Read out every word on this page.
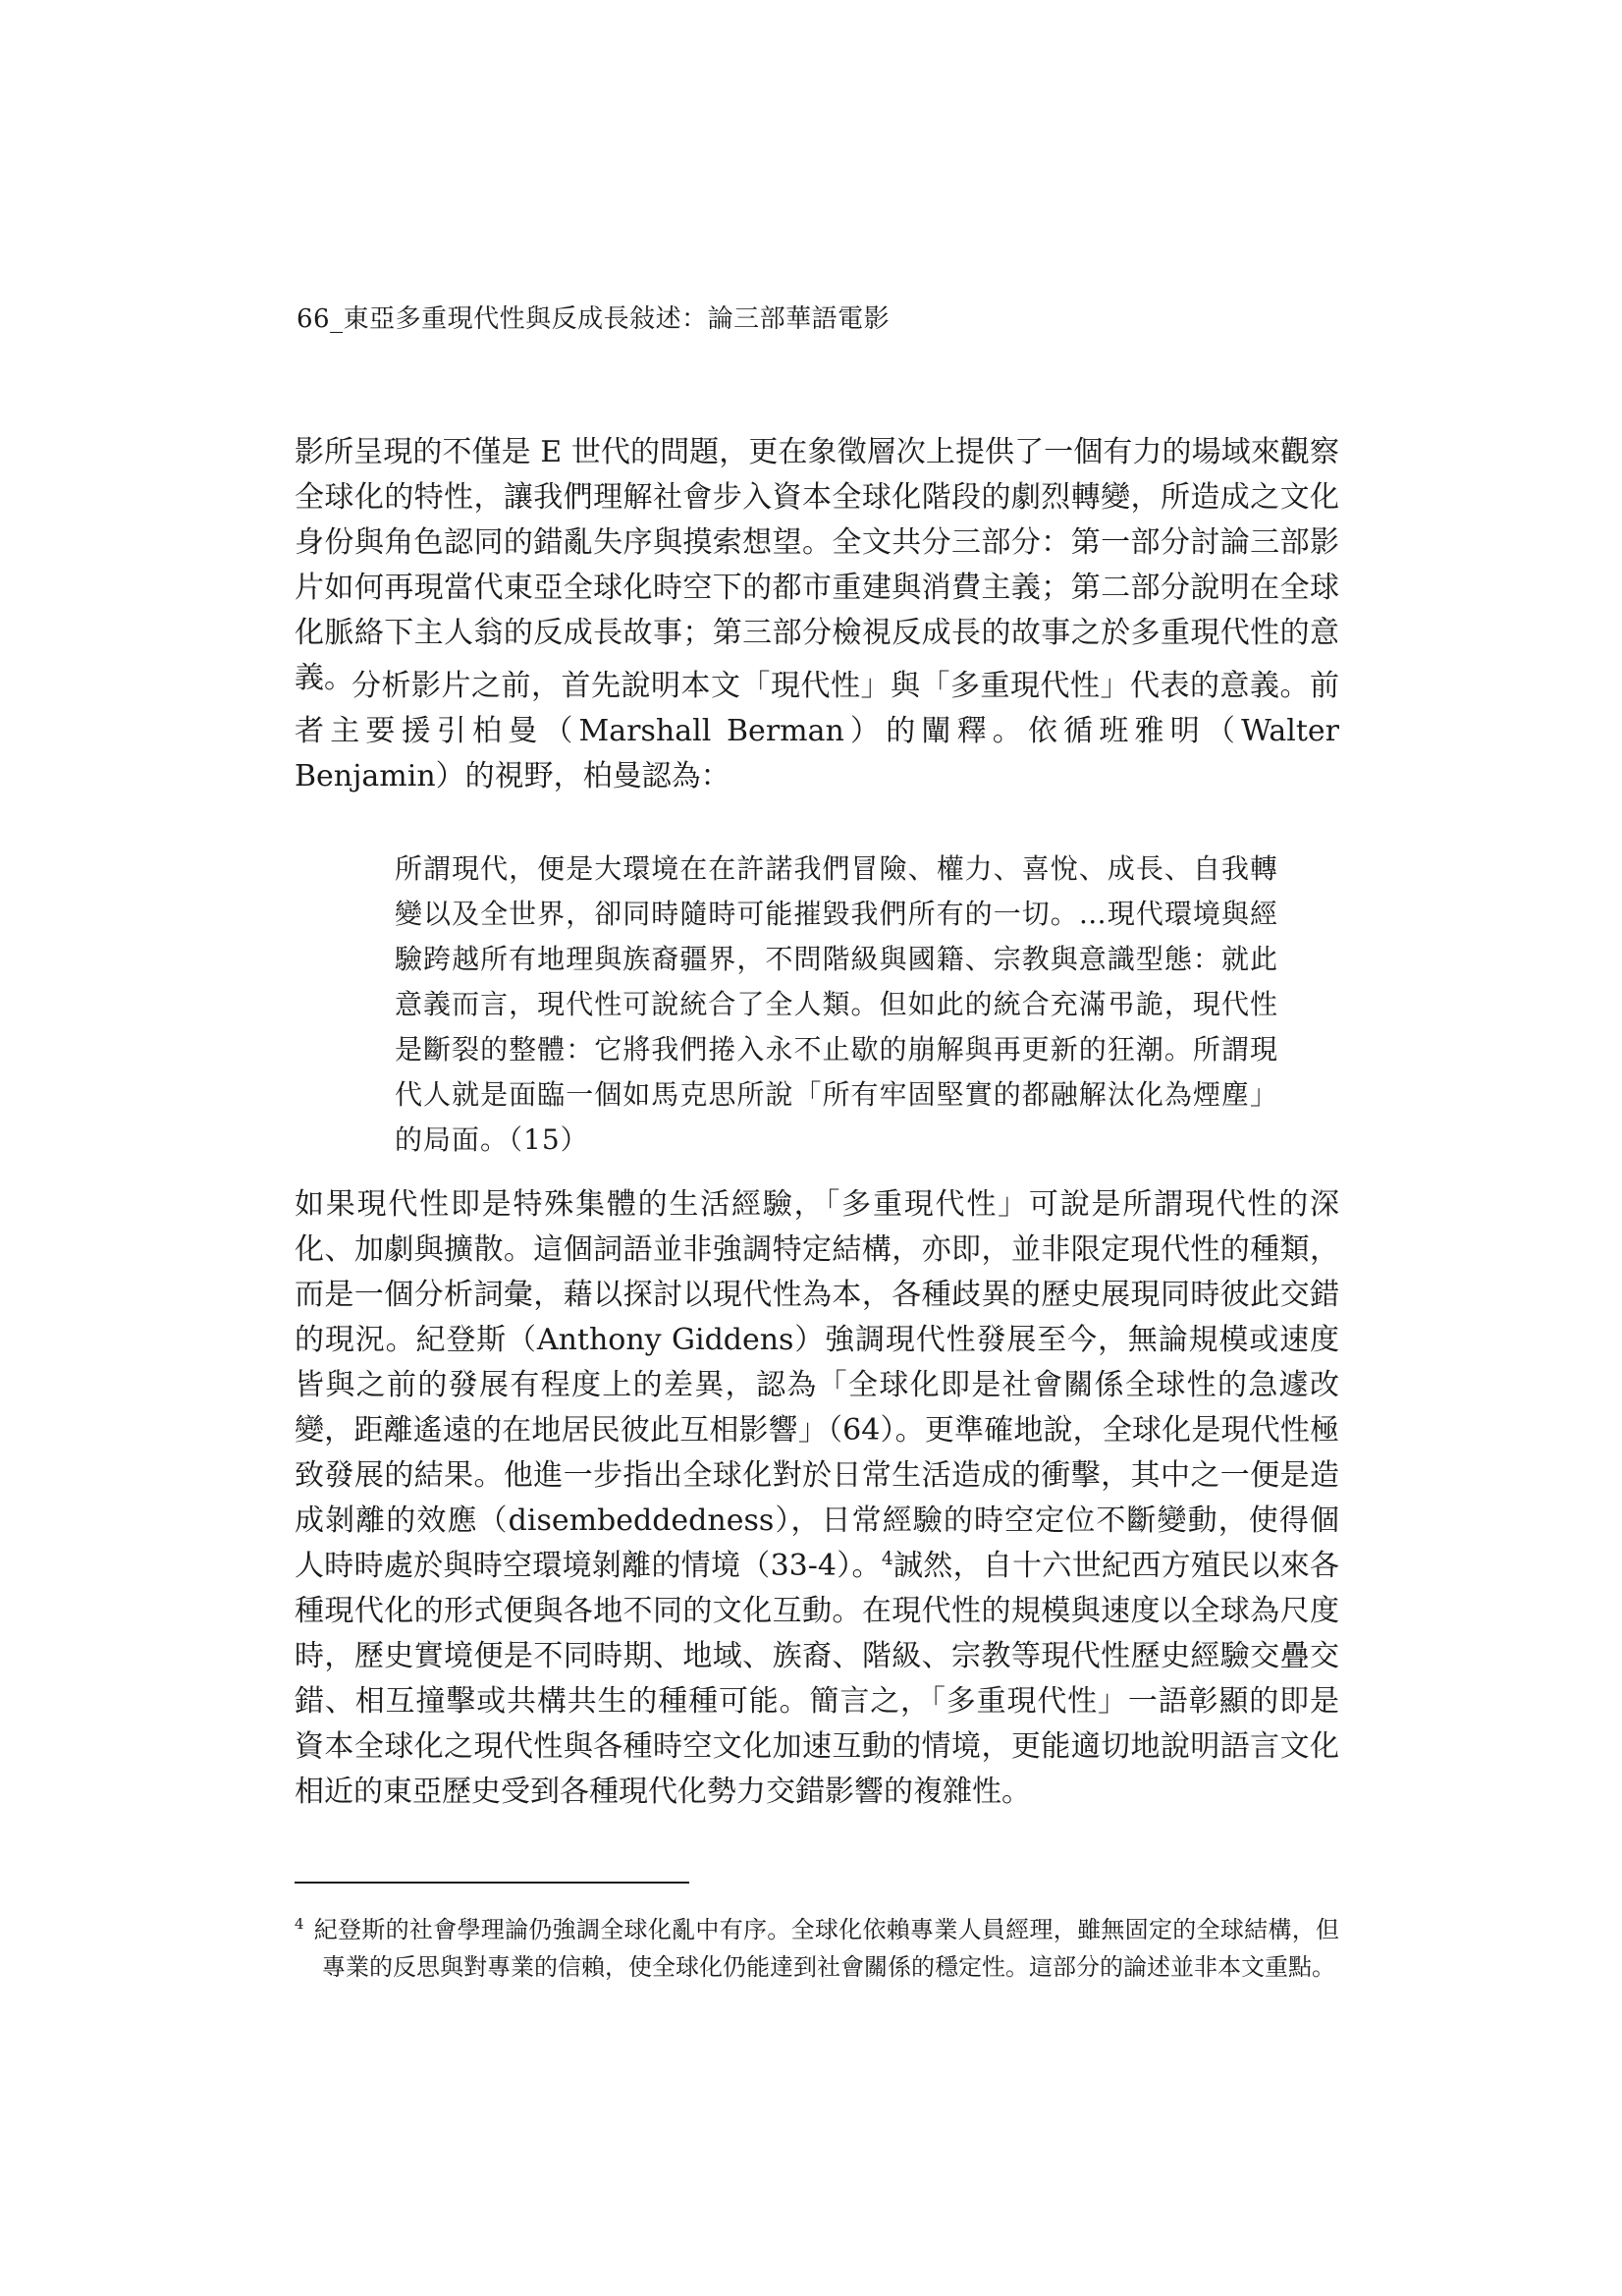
66_東亞多重現代性與反成長敍述：論三部華語電影

影所呈現的不僅是 E 世代的問題，更在象徵層次上提供了一個有力的場域來觀察全球化的特性，讓我們理解社會步入資本全球化階段的劇烈轉變，所造成之文化身份與角色認同的錯亂失序與摸索想望。全文共分三部分：第一部分討論三部影片如何再現當代東亞全球化時空下的都市重建與消費主義；第二部分說明在全球化脈絡下主人翁的反成長故事；第三部分檢視反成長的故事之於多重現代性的意義。

分析影片之前，首先說明本文「現代性」與「多重現代性」代表的意義。前者主要援引柏曼（Marshall Berman）的闡釋。依循班雅明（Walter Benjamin）的視野，柏曼認為：

所謂現代，便是大環境在在許諾我們冒險、權力、喜悅、成長、自我轉變以及全世界，卻同時隨時可能摧毀我們所有的一切。…現代環境與經驗跨越所有地理與族裔疆界，不問階級與國籍、宗教與意識型態：就此意義而言，現代性可說統合了全人類。但如此的統合充滿弔詭，現代性是斷裂的整體：它將我們捲入永不止歇的崩解與再更新的狂潮。所謂現代人就是面臨一個如馬克思所說「所有牢固堅實的都融解汰化為煙塵」的局面。（15）

如果現代性即是特殊集體的生活經驗，「多重現代性」可說是所謂現代性的深化、加劇與擴散。這個詞語並非強調特定結構，亦即，並非限定現代性的種類，而是一個分析詞彙，藉以探討以現代性為本，各種歧異的歷史展現同時彼此交錯的現況。紀登斯（Anthony Giddens）強調現代性發展至今，無論規模或速度皆與之前的發展有程度上的差異，認為「全球化即是社會關係全球性的急遽改變，距離遙遠的在地居民彼此互相影響」（64）。更準確地說，全球化是現代性極致發展的結果。他進一步指出全球化對於日常生活造成的衝擊，其中之一便是造成剝離的效應（disembeddedness），日常經驗的時空定位不斷變動，使得個人時時處於與時空環境剝離的情境（33-4）。$^4$誠然，自十六世紀西方殖民以來各種現代化的形式便與各地不同的文化互動。在現代性的規模與速度以全球為尺度時，歷史實境便是不同時期、地域、族裔、階級、宗教等現代性歷史經驗交疊交錯、相互撞擊或共構共生的種種可能。簡言之，「多重現代性」一語彰顯的即是資本全球化之現代性與各種時空文化加速互動的情境，更能適切地說明語言文化相近的東亞歷史受到各種現代化勢力交錯影響的複雜性。

$^4$ 紀登斯的社會學理論仍強調全球化亂中有序。全球化依賴專業人員經理，雖無固定的全球結構，但專業的反思與對專業的信賴，使全球化仍能達到社會關係的穩定性。這部分的論述並非本文重點。
